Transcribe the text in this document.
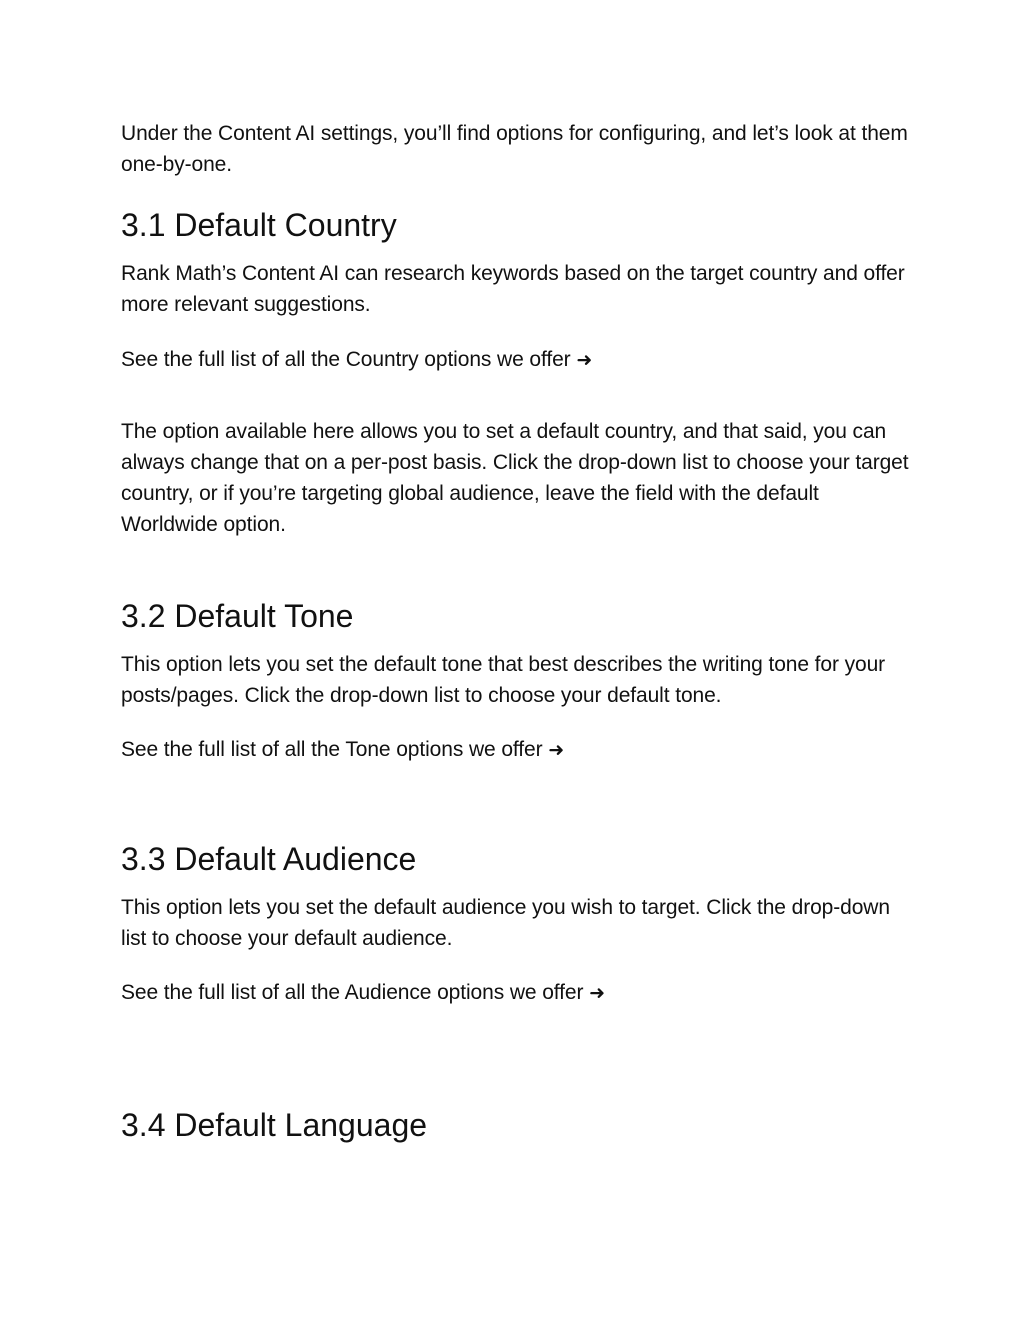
Under the Content AI settings, you’ll find options for configuring, and let’s look at them one-by-one.

3.1 Default Country

Rank Math’s Content AI can research keywords based on the target country and offer more relevant suggestions.

See the full list of all the Country options we offer ➜

The option available here allows you to set a default country, and that said, you can always change that on a per-post basis. Click the drop-down list to choose your target country, or if you’re targeting global audience, leave the field with the default Worldwide option.

3.2 Default Tone

This option lets you set the default tone that best describes the writing tone for your posts/pages. Click the drop-down list to choose your default tone.

See the full list of all the Tone options we offer ➜

3.3 Default Audience

This option lets you set the default audience you wish to target. Click the drop-down list to choose your default audience.

See the full list of all the Audience options we offer ➜

3.4 Default Language
